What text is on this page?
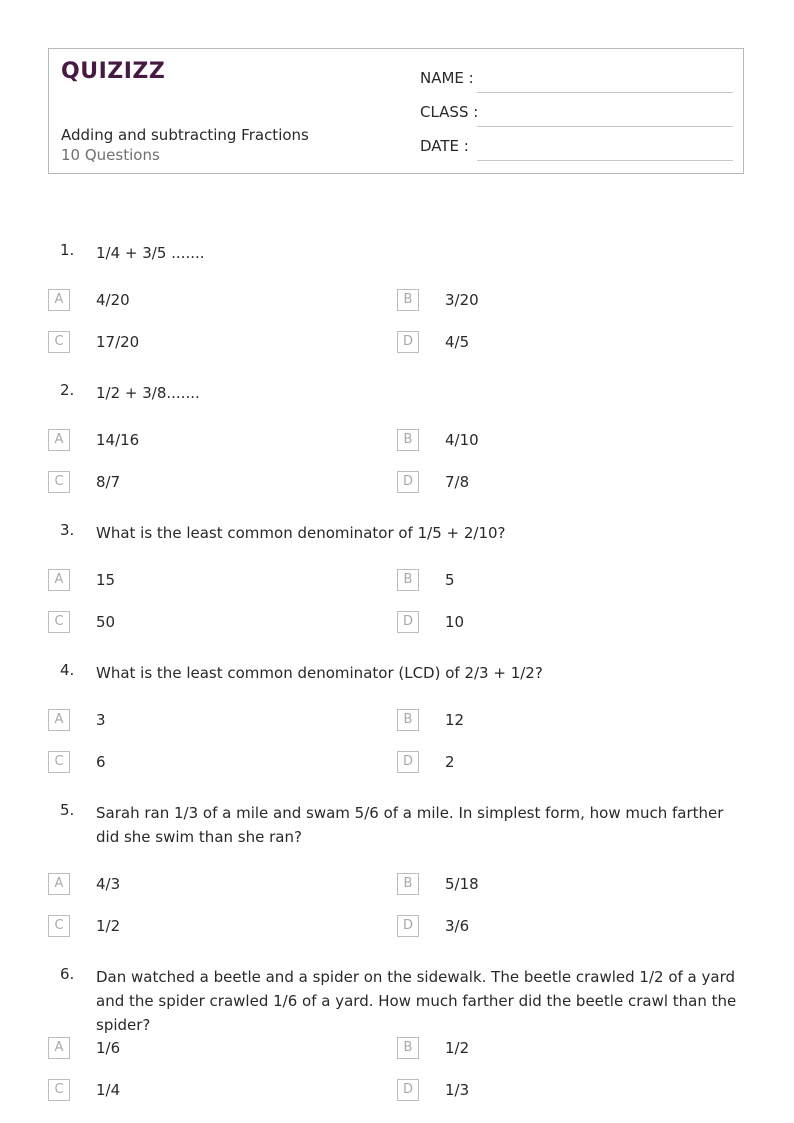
QUIZIZZ
Adding and subtracting Fractions
10 Questions
NAME :
CLASS :
DATE :
1. 1/4 + 3/5 .......
A	4/20	B	3/20
C	17/20	D	4/5
2. 1/2 + 3/8.......
A	14/16	B	4/10
C	8/7	D	7/8
3. What is the least common denominator of 1/5 + 2/10?
A	15	B	5
C	50	D	10
4. What is the least common denominator (LCD) of 2/3 + 1/2?
A	3	B	12
C	6	D	2
5. Sarah ran 1/3 of a mile and swam 5/6 of a mile. In simplest form, how much farther did she swim than she ran?
A	4/3	B	5/18
C	1/2	D	3/6
6. Dan watched a beetle and a spider on the sidewalk. The beetle crawled 1/2 of a yard and the spider crawled 1/6 of a yard. How much farther did the beetle crawl than the spider?
A	1/6	B	1/2
C	1/4	D	1/3
